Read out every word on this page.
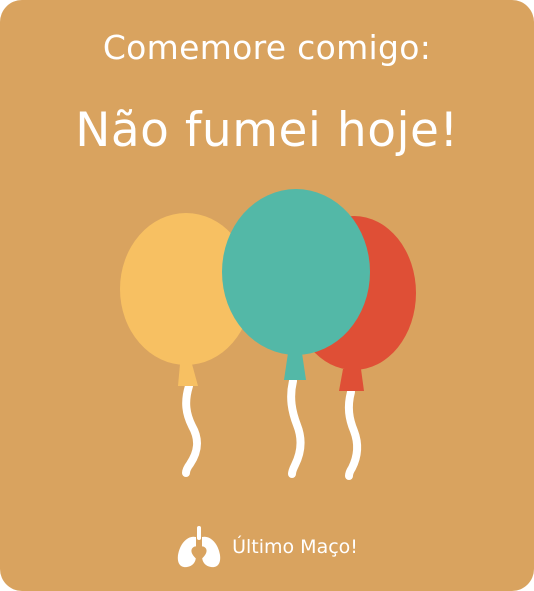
Comemore comigo:
Não fumei hoje!
Último Maço!
